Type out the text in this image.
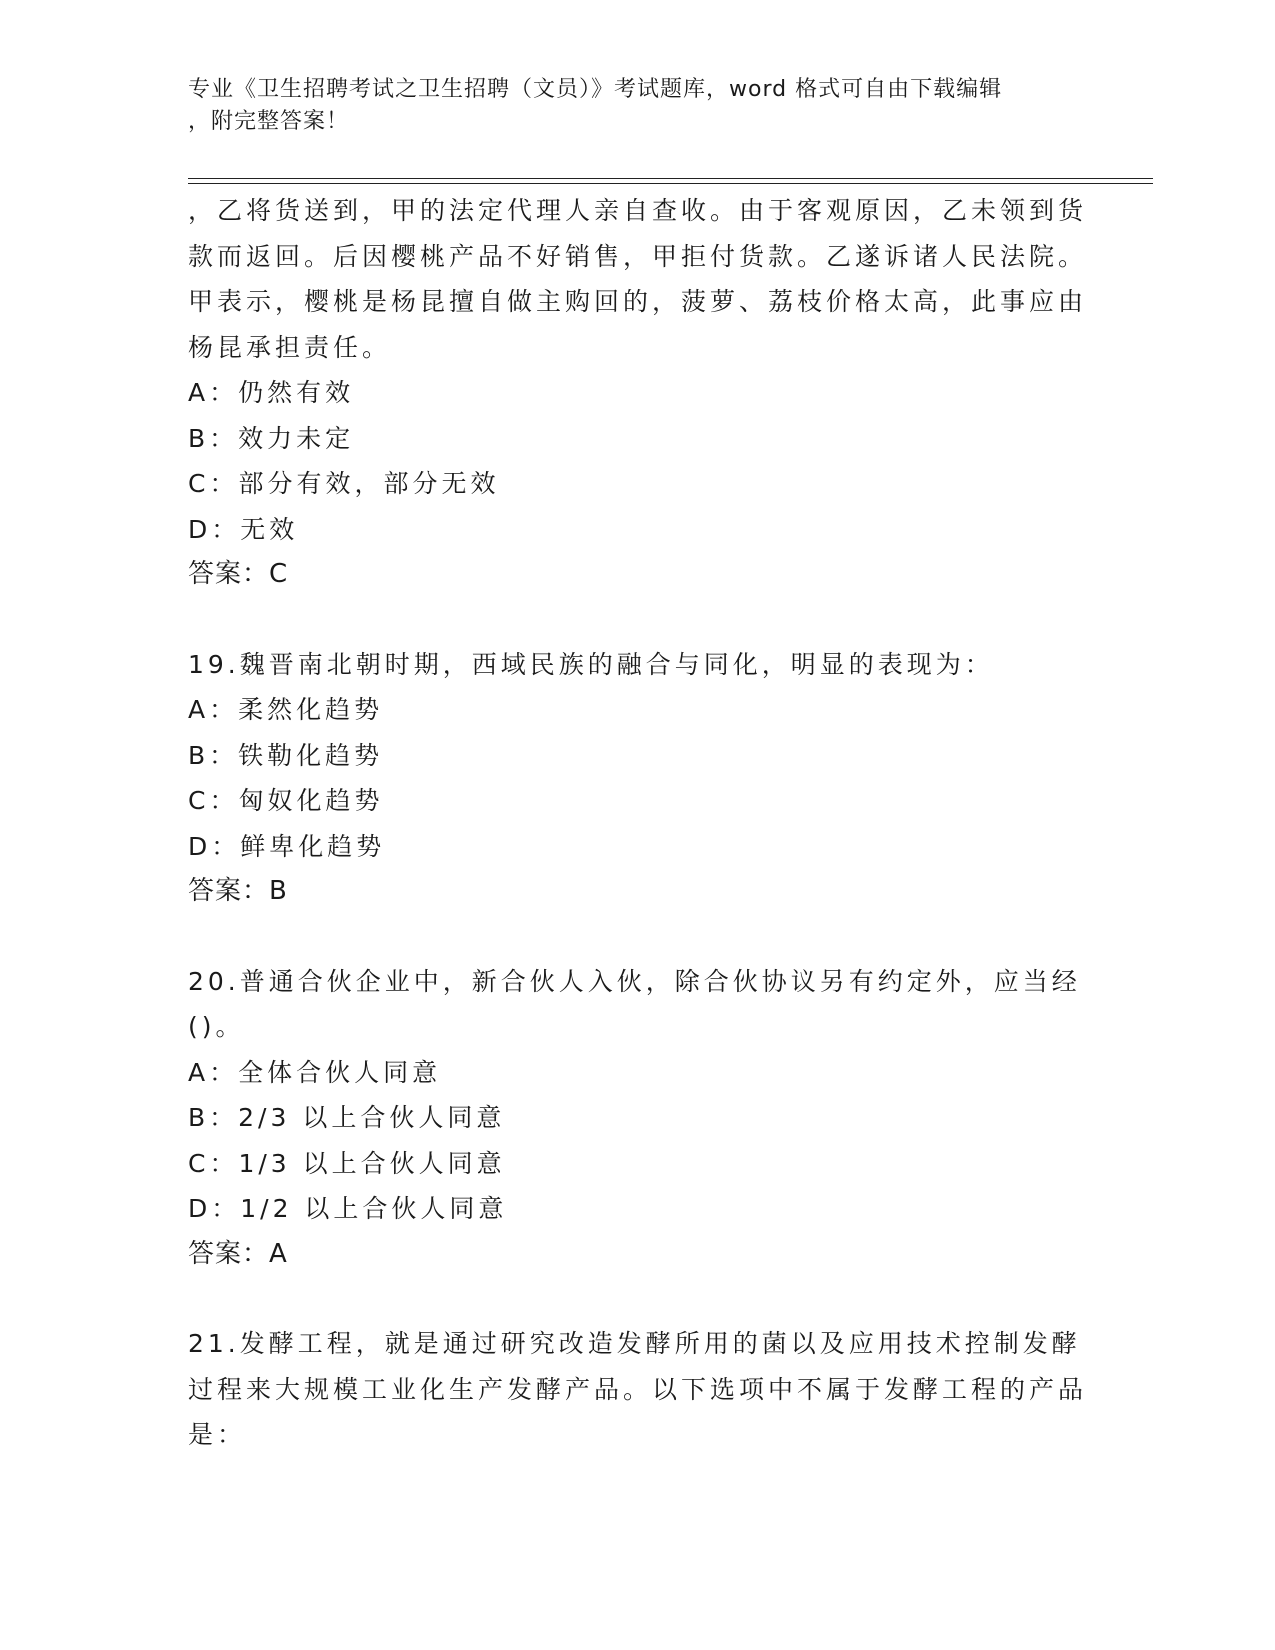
专业《卫生招聘考试之卫生招聘（文员）》考试题库，word 格式可自由下载编辑
，附完整答案！

，乙将货送到，甲的法定代理人亲自查收。由于客观原因，乙未领到货款而返回。后因樱桃产品不好销售，甲拒付货款。乙遂诉诸人民法院。甲表示，樱桃是杨昆擅自做主购回的，菠萝、荔枝价格太高，此事应由杨昆承担责任。

A：仍然有效
B：效力未定
C：部分有效，部分无效
D：无效
答案：C

19.魏晋南北朝时期，西域民族的融合与同化，明显的表现为：

A：柔然化趋势
B：铁勒化趋势
C：匈奴化趋势
D：鲜卑化趋势
答案：B

20.普通合伙企业中，新合伙人入伙，除合伙协议另有约定外，应当经()。

A：全体合伙人同意
B：2/3 以上合伙人同意
C：1/3 以上合伙人同意
D：1/2 以上合伙人同意
答案：A

21.发酵工程，就是通过研究改造发酵所用的菌以及应用技术控制发酵过程来大规模工业化生产发酵产品。以下选项中不属于发酵工程的产品是：
